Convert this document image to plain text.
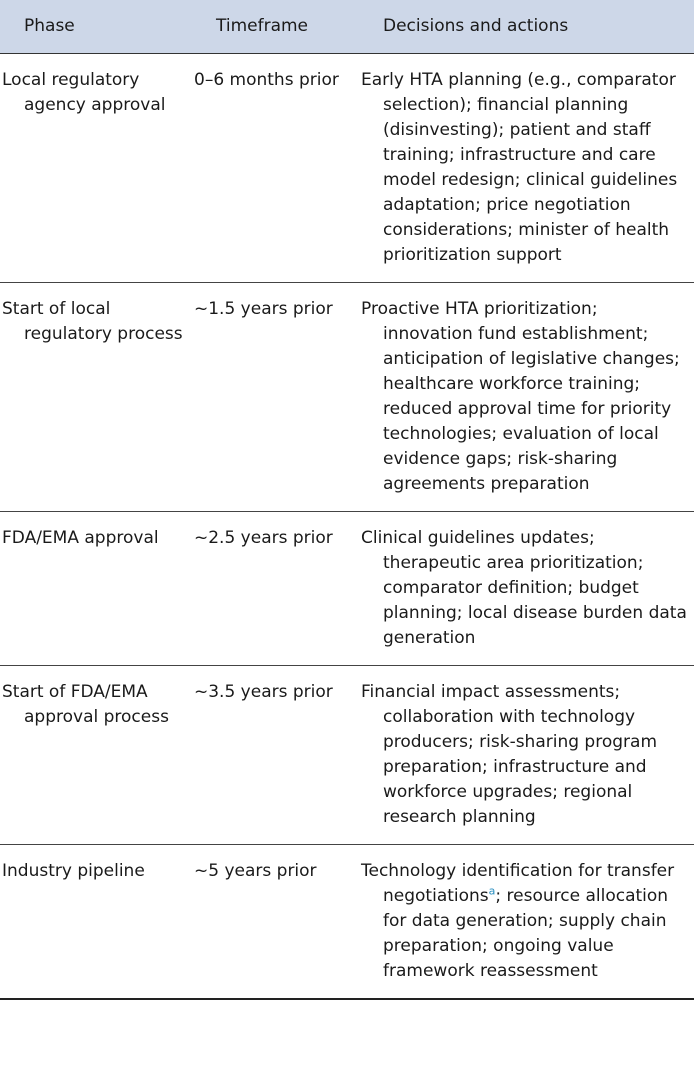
Phase	Timeframe	Decisions and actions

Local regulatory agency approval	0–6 months prior	Early HTA planning (e.g., comparator selection); financial planning (disinvesting); patient and staff training; infrastructure and care model redesign; clinical guidelines adaptation; price negotiation considerations; minister of health prioritization support

Start of local regulatory process	~1.5 years prior	Proactive HTA prioritization; innovation fund establishment; anticipation of legislative changes; healthcare workforce training; reduced approval time for priority technologies; evaluation of local evidence gaps; risk-sharing agreements preparation

FDA/EMA approval	~2.5 years prior	Clinical guidelines updates; therapeutic area prioritization; comparator definition; budget planning; local disease burden data generation

Start of FDA/EMA approval process	~3.5 years prior	Financial impact assessments; collaboration with technology producers; risk-sharing program preparation; infrastructure and workforce upgrades; regional research planning

Industry pipeline	~5 years prior	Technology identification for transfer negotiations$^a$; resource allocation for data generation; supply chain preparation; ongoing value framework reassessment
